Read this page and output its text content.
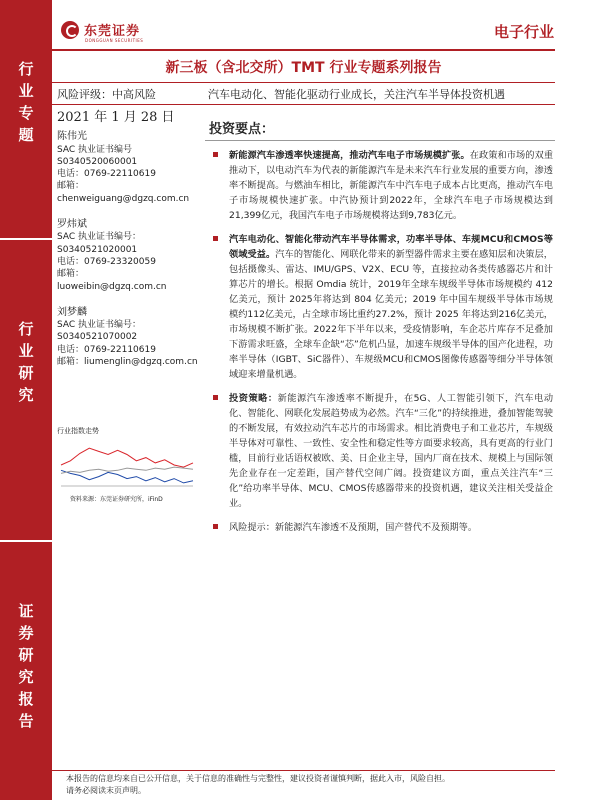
行
业
专
题
行
业
研
究
证
券
研
究
报
告
东莞证券
DONGGUAN SECURITIES	电子行业
新三板（含北交所）TMT 行业专题系列报告
风险评级：中高风险	汽车电动化、智能化驱动行业成长，关注汽车半导体投资机遇
2021 年 1 月 28 日
陈伟光
SAC 执业证书编号
S0340520060001
电话：0769-22110619
邮箱：
chenweiguang@dgzq.com.cn
罗炜斌
SAC 执业证书编号：
S0340521020001
电话：0769-23320059
邮箱：
luoweibin@dgzq.com.cn
刘梦麟
SAC 执业证书编号：
S0340521070002
电话：0769-22110619
邮箱：liumenglin@dgzq.com.cn
行业指数走势
资料来源：东莞证券研究所，iFinD
投资要点：
新能源汽车渗透率快速提高，推动汽车电子市场规模扩张。在政策和市场的双重推动下，以电动汽车为代表的新能源汽车是未来汽车行业发展的重要方向，渗透率不断提高。与燃油车相比，新能源汽车中汽车电子成本占比更高，推动汽车电子市场规模快速扩张。中汽协预计到2022年，全球汽车电子市场规模达到21,399亿元，我国汽车电子市场规模将达到9,783亿元。
汽车电动化、智能化带动汽车半导体需求，功率半导体、车规MCU和CMOS等领域受益。汽车的智能化、网联化带来的新型器件需求主要在感知层和决策层，包括摄像头、雷达、IMU/GPS、V2X、ECU 等，直接拉动各类传感器芯片和计算芯片的增长。根据 Omdia 统计，2019年全球车规级半导体市场规模约 412 亿美元，预计 2025年将达到 804 亿美元；2019 年中国车规级半导体市场规模约112亿美元，占全球市场比重约27.2%，预计 2025 年将达到216亿美元，市场规模不断扩张。2022年下半年以来，受疫情影响，车企芯片库存不足叠加下游需求旺盛，全球车企缺“芯”危机凸显，加速车规级半导体的国产化进程，功率半导体（IGBT、SiC器件）、车规级MCU和CMOS图像传感器等细分半导体领域迎来增量机遇。
投资策略：新能源汽车渗透率不断提升，在5G、人工智能引领下，汽车电动化、智能化、网联化发展趋势成为必然。汽车“三化”的持续推进，叠加智能驾驶的不断发展，有效拉动汽车芯片的市场需求。相比消费电子和工业芯片，车规级半导体对可靠性、一致性、安全性和稳定性等方面要求较高，具有更高的行业门槛，目前行业话语权被欧、美、日企业主导，国内厂商在技术、规模上与国际领先企业存在一定差距，国产替代空间广阔。投资建议方面，重点关注汽车“三化”给功率半导体、MCU、CMOS传感器带来的投资机遇，建议关注相关受益企业。
风险提示：新能源汽车渗透不及预期，国产替代不及预期等。
本报告的信息均来自已公开信息，关于信息的准确性与完整性，建议投资者谨慎判断，据此入市，风险自担。
请务必阅读末页声明。
